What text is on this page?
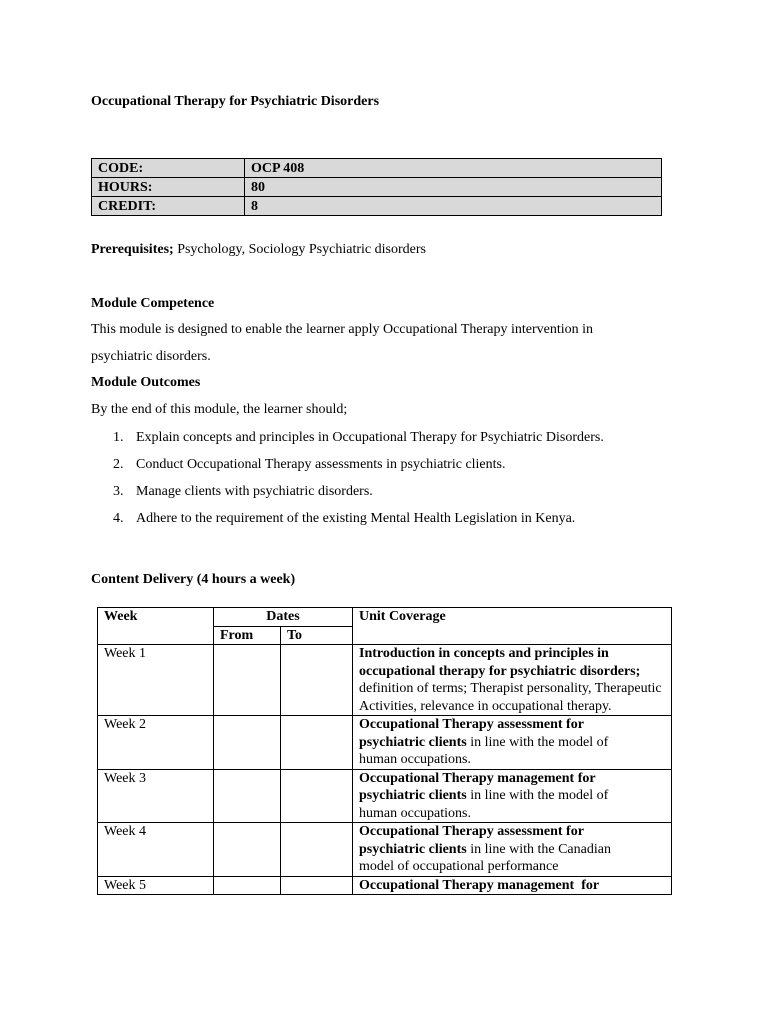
Occupational Therapy for Psychiatric Disorders
CODE:	OCP 408
HOURS:	80
CREDIT:	8
Prerequisites; Psychology, Sociology Psychiatric disorders
Module Competence
This module is designed to enable the learner apply Occupational Therapy intervention in
psychiatric disorders.
Module Outcomes
By the end of this module, the learner should;
1. Explain concepts and principles in Occupational Therapy for Psychiatric Disorders.
2. Conduct Occupational Therapy assessments in psychiatric clients.
3. Manage clients with psychiatric disorders.
4. Adhere to the requirement of the existing Mental Health Legislation in Kenya.
Content Delivery (4 hours a week)
Week	Dates		Unit Coverage
	From	To	
Week 1			Introduction in concepts and principles in occupational therapy for psychiatric disorders; definition of terms; Therapist personality, Therapeutic Activities, relevance in occupational therapy.
Week 2			Occupational Therapy assessment for psychiatric clients in line with the model of human occupations.
Week 3			Occupational Therapy management for psychiatric clients in line with the model of human occupations.
Week 4			Occupational Therapy assessment for psychiatric clients in line with the Canadian model of occupational performance
Week 5			Occupational Therapy management  for
